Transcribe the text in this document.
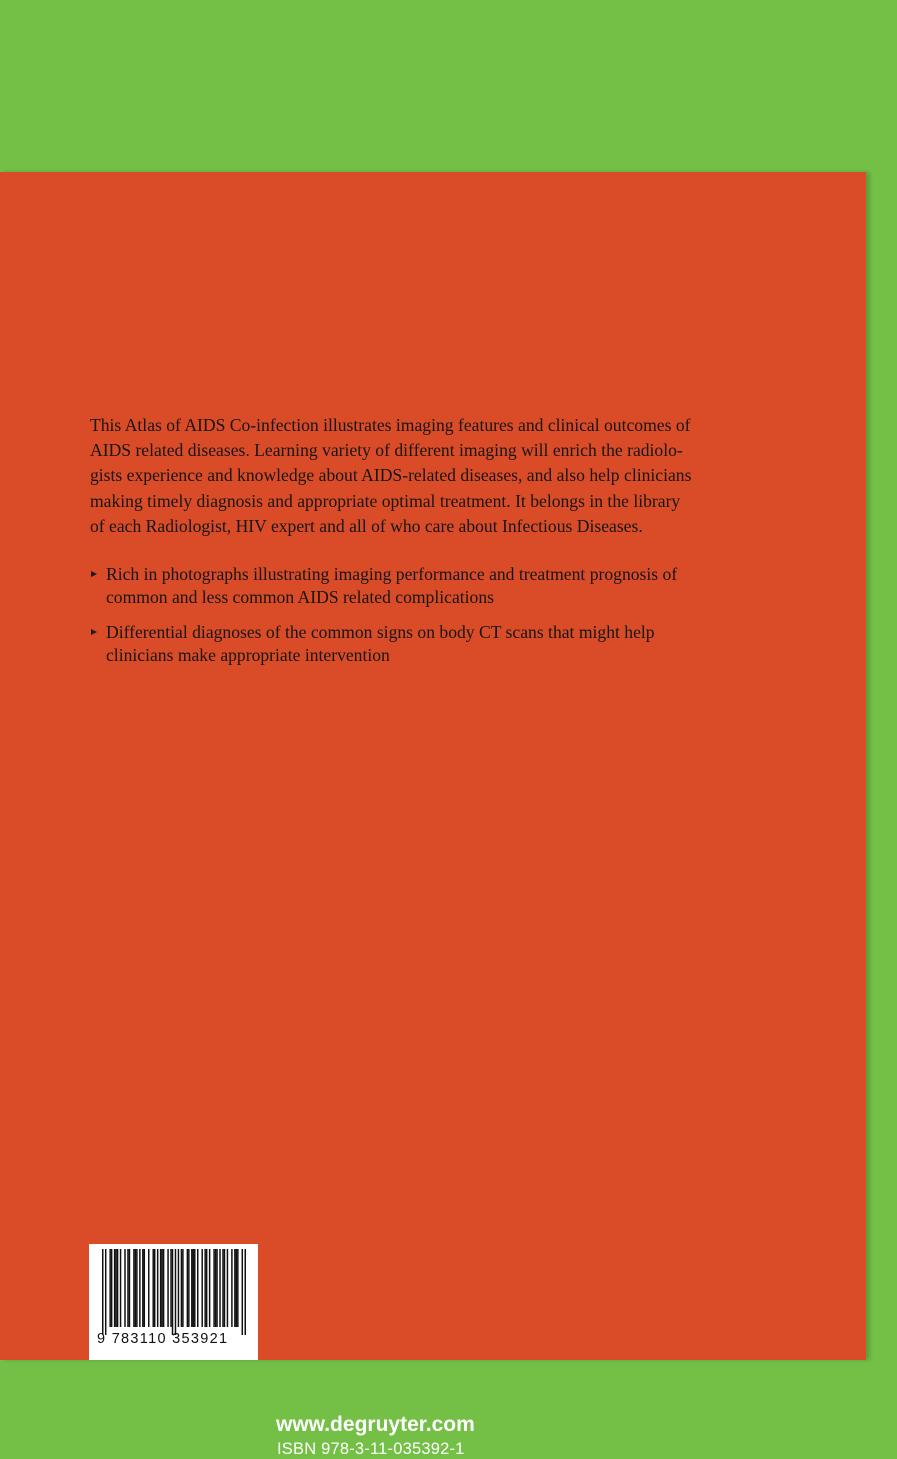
This Atlas of AIDS Co-infection illustrates imaging features and clinical outcomes of
AIDS related diseases. Learning variety of different imaging will enrich the radiolo-
gists experience and knowledge about AIDS-related diseases, and also help clinicians
making timely diagnosis and appropriate optimal treatment. It belongs in the library
of each Radiologist, HIV expert and all of who care about Infectious Diseases.

Rich in photographs illustrating imaging performance and treatment prognosis of
common and less common AIDS related complications
Differential diagnoses of the common signs on body CT scans that might help
clinicians make appropriate intervention

www.degruyter.com

ISBN 978-3-11-035392-1

9 783110 353921
